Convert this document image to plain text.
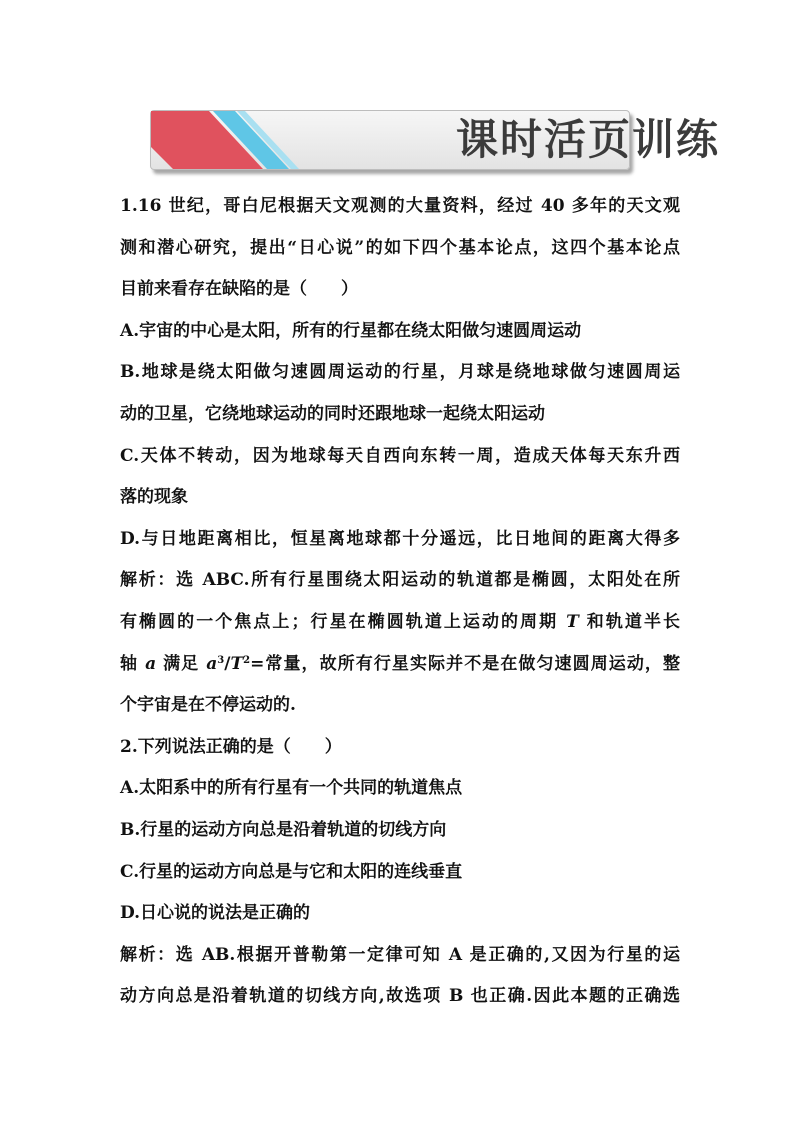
课时活页训练
1.16 世纪，哥白尼根据天文观测的大量资料，经过 40 多年的天文观
测和潜心研究，提出“日心说”的如下四个基本论点，这四个基本论点
目前来看存在缺陷的是（　　）
A.宇宙的中心是太阳，所有的行星都在绕太阳做匀速圆周运动
B.地球是绕太阳做匀速圆周运动的行星，月球是绕地球做匀速圆周运
动的卫星，它绕地球运动的同时还跟地球一起绕太阳运动
C.天体不转动，因为地球每天自西向东转一周，造成天体每天东升西
落的现象
D.与日地距离相比，恒星离地球都十分遥远，比日地间的距离大得多
解析：选 ABC.所有行星围绕太阳运动的轨道都是椭圆，太阳处在所
有椭圆的一个焦点上；行星在椭圆轨道上运动的周期 T 和轨道半长
轴 a 满足 $a^3/T^2=$常量，故所有行星实际并不是在做匀速圆周运动，整
个宇宙是在不停运动的.
2.下列说法正确的是（　　）
A.太阳系中的所有行星有一个共同的轨道焦点
B.行星的运动方向总是沿着轨道的切线方向
C.行星的运动方向总是与它和太阳的连线垂直
D.日心说的说法是正确的
解析：选 AB.根据开普勒第一定律可知 A 是正确的,又因为行星的运
动方向总是沿着轨道的切线方向,故选项 B 也正确.因此本题的正确选
